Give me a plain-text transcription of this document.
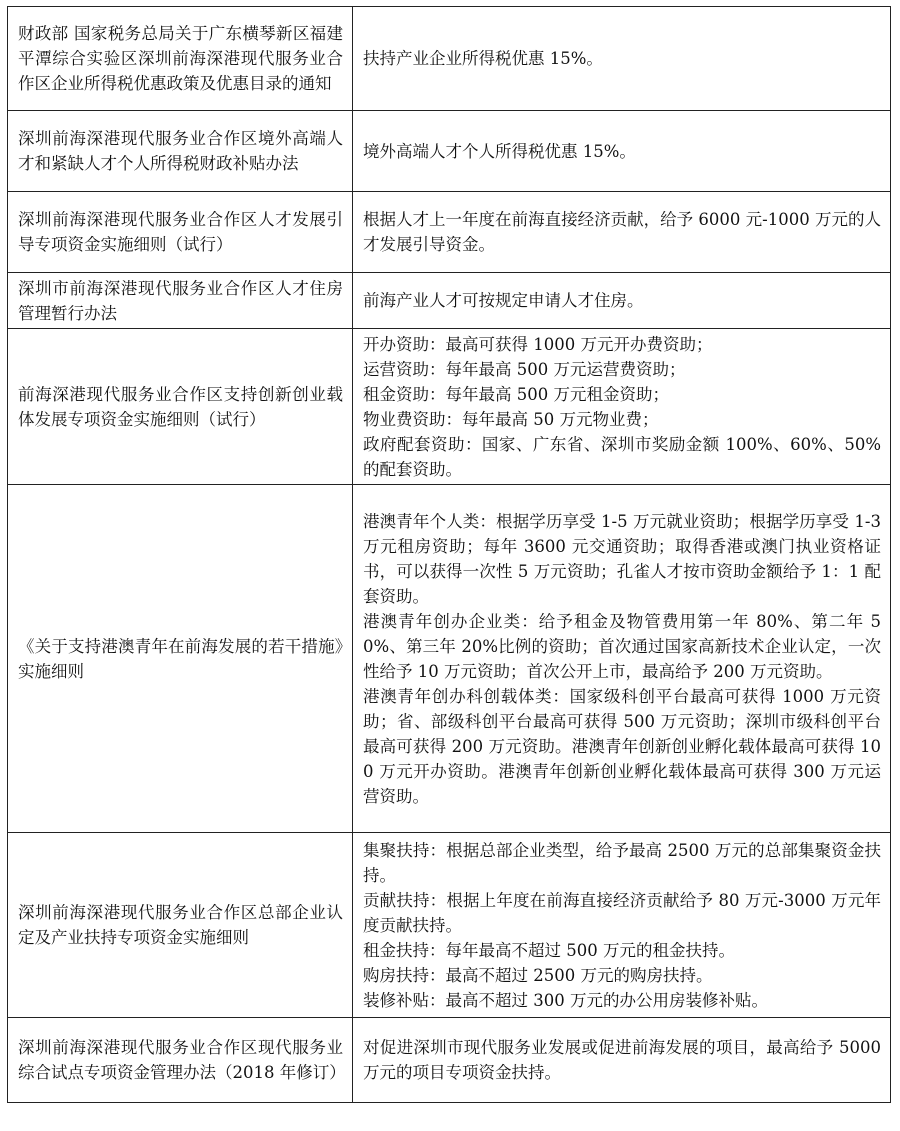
财政部 国家税务总局关于广东横琴新区福建平潭综合实验区深圳前海深港现代服务业合作区企业所得税优惠政策及优惠目录的通知	扶持产业企业所得税优惠 15%。

深圳前海深港现代服务业合作区境外高端人才和紧缺人才个人所得税财政补贴办法	境外高端人才个人所得税优惠 15%。

深圳前海深港现代服务业合作区人才发展引导专项资金实施细则（试行）	根据人才上一年度在前海直接经济贡献，给予 6000 元-1000 万元的人才发展引导资金。

深圳市前海深港现代服务业合作区人才住房管理暂行办法	前海产业人才可按规定申请人才住房。

前海深港现代服务业合作区支持创新创业载体发展专项资金实施细则（试行）	开办资助：最高可获得 1000 万元开办费资助；
运营资助：每年最高 500 万元运营费资助；
租金资助：每年最高 500 万元租金资助；
物业费资助：每年最高 50 万元物业费；
政府配套资助：国家、广东省、深圳市奖励金额 100%、60%、50%的配套资助。

《关于支持港澳青年在前海发展的若干措施》实施细则	港澳青年个人类：根据学历享受 1-5 万元就业资助；根据学历享受 1-3 万元租房资助；每年 3600 元交通资助；取得香港或澳门执业资格证书，可以获得一次性 5 万元资助；孔雀人才按市资助金额给予 1：1 配套资助。
港澳青年创办企业类：给予租金及物管费用第一年 80%、第二年 50%、第三年 20%比例的资助；首次通过国家高新技术企业认定，一次性给予 10 万元资助；首次公开上市，最高给予 200 万元资助。
港澳青年创办科创载体类：国家级科创平台最高可获得 1000 万元资助；省、部级科创平台最高可获得 500 万元资助；深圳市级科创平台最高可获得 200 万元资助。港澳青年创新创业孵化载体最高可获得 100 万元开办资助。港澳青年创新创业孵化载体最高可获得 300 万元运营资助。

深圳前海深港现代服务业合作区总部企业认定及产业扶持专项资金实施细则	集聚扶持：根据总部企业类型，给予最高 2500 万元的总部集聚资金扶持。
贡献扶持：根据上年度在前海直接经济贡献给予 80 万元-3000 万元年度贡献扶持。
租金扶持：每年最高不超过 500 万元的租金扶持。
购房扶持：最高不超过 2500 万元的购房扶持。
装修补贴：最高不超过 300 万元的办公用房装修补贴。

深圳前海深港现代服务业合作区现代服务业综合试点专项资金管理办法（2018 年修订）	对促进深圳市现代服务业发展或促进前海发展的项目，最高给予 5000 万元的项目专项资金扶持。
